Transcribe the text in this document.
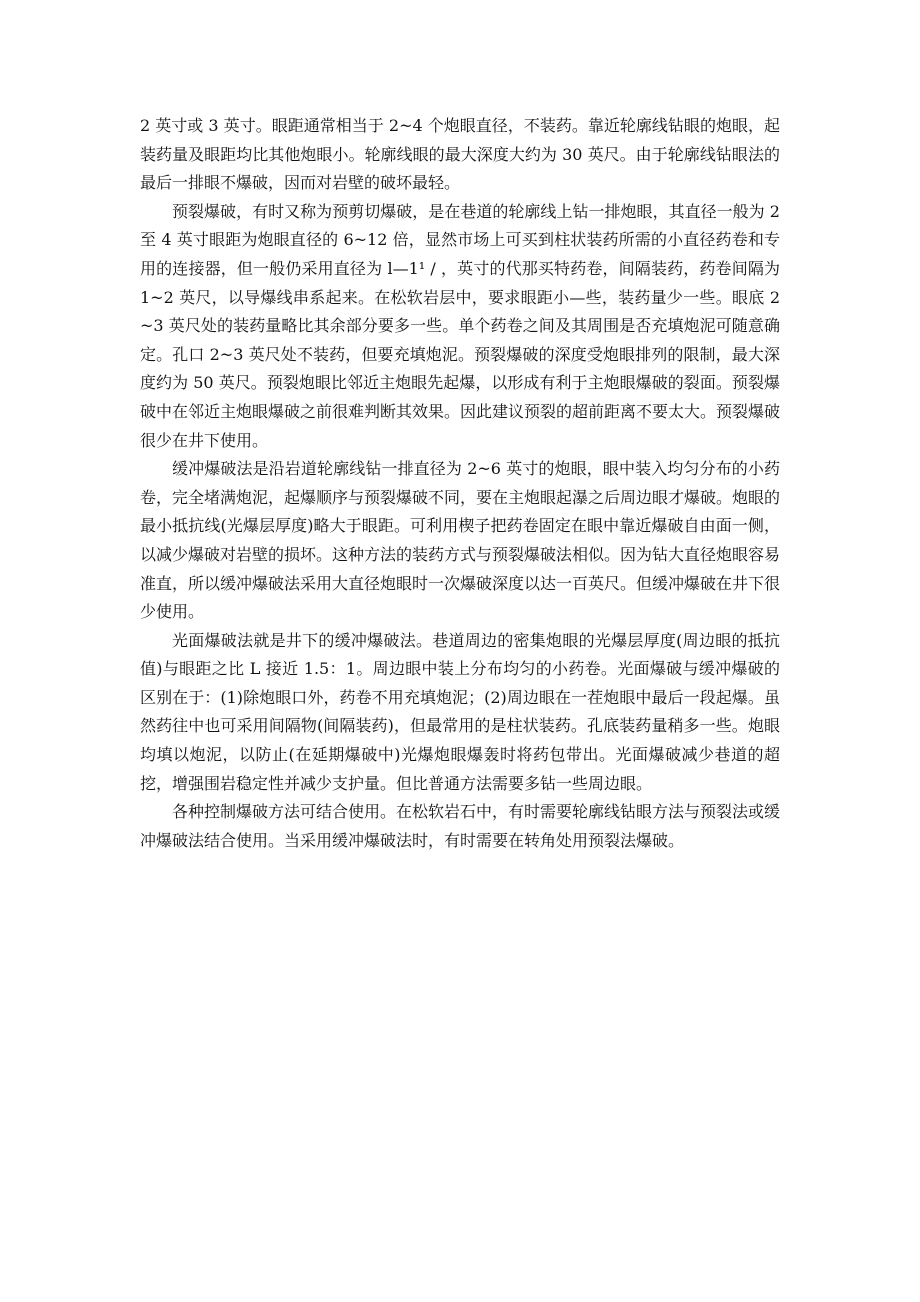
2 英寸或 3 英寸。眼距通常相当于 2~4 个炮眼直径，不装药。靠近轮廓线钻眼的炮眼，起装药量及眼距均比其他炮眼小。轮廓线眼的最大深度大约为 30 英尺。由于轮廓线钻眼法的最后一排眼不爆破，因而对岩壁的破坏最轻。

预裂爆破，有时又称为预剪切爆破，是在巷道的轮廓线上钻一排炮眼，其直径一般为 2 至 4 英寸眼距为炮眼直径的 6~12 倍，显然市场上可买到柱状装药所需的小直径药卷和专用的连接器，但一般仍采用直径为 l—1¹ / ，英寸的代那买特药卷，间隔装药，药卷间隔为 1~2 英尺，以导爆线串系起来。在松软岩层中，要求眼距小—些，装药量少一些。眼底 2~3 英尺处的装药量略比其余部分要多一些。单个药卷之间及其周围是否充填炮泥可随意确定。孔口 2~3 英尺处不装药，但要充填炮泥。预裂爆破的深度受炮眼排列的限制，最大深度约为 50 英尺。预裂炮眼比邻近主炮眼先起爆，以形成有利于主炮眼爆破的裂面。预裂爆破中在邻近主炮眼爆破之前很难判断其效果。因此建议预裂的超前距离不要太大。预裂爆破很少在井下使用。

缓冲爆破法是沿岩道轮廓线钻一排直径为 2~6 英寸的炮眼，眼中装入均匀分布的小药卷，完全堵满炮泥，起爆顺序与预裂爆破不同，要在主炮眼起瀑之后周边眼才爆破。炮眼的最小抵抗线(光爆层厚度)略大于眼距。可利用楔子把药卷固定在眼中靠近爆破自由面一侧，以减少爆破对岩壁的损坏。这种方法的装药方式与预裂爆破法相似。因为钻大直径炮眼容易准直，所以缓冲爆破法采用大直径炮眼时一次爆破深度以达一百英尺。但缓冲爆破在井下很少使用。

光面爆破法就是井下的缓冲爆破法。巷道周边的密集炮眼的光爆层厚度(周边眼的抵抗值)与眼距之比 L 接近 1.5：1。周边眼中装上分布均匀的小药卷。光面爆破与缓冲爆破的区别在于：(1)除炮眼口外，药卷不用充填炮泥；(2)周边眼在一茬炮眼中最后一段起爆。虽然药往中也可采用间隔物(间隔装药)，但最常用的是柱状装药。孔底装药量稍多一些。炮眼均填以炮泥，以防止(在延期爆破中)光爆炮眼爆轰时将药包带出。光面爆破减少巷道的超挖，增强围岩稳定性并减少支护量。但比普通方法需要多钻一些周边眼。

各种控制爆破方法可结合使用。在松软岩石中，有时需要轮廓线钻眼方法与预裂法或缓冲爆破法结合使用。当采用缓冲爆破法时，有时需要在转角处用预裂法爆破。
